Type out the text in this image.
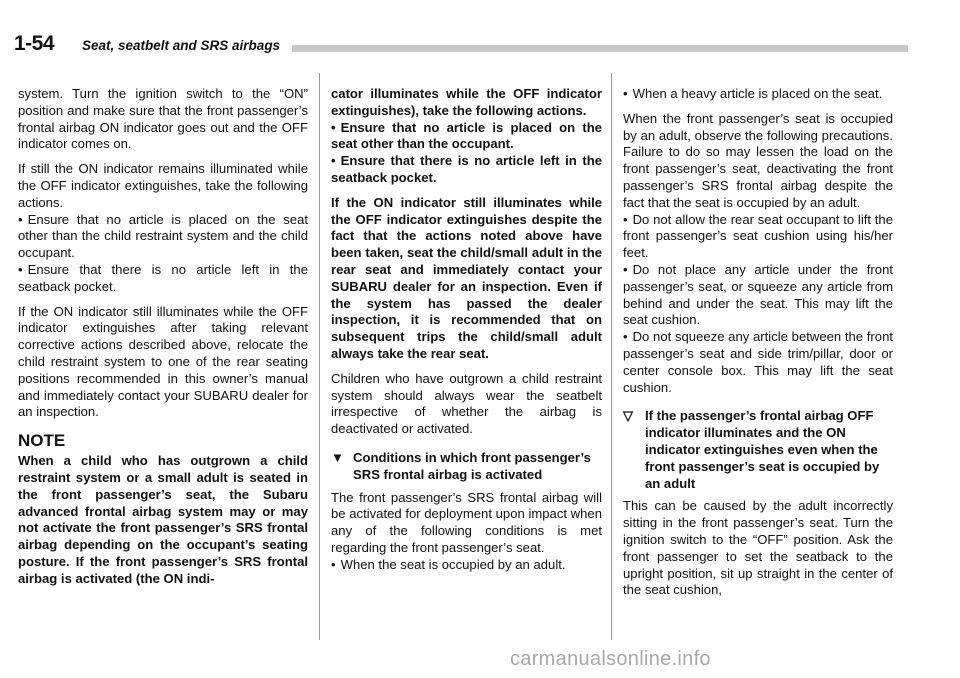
1-54 Seat, seatbelt and SRS airbags

system. Turn the ignition switch to the “ON” position and make sure that the front passenger’s frontal airbag ON indicator goes out and the OFF indicator comes on.

If still the ON indicator remains illuminated while the OFF indicator extinguishes, take the following actions.

• Ensure that no article is placed on the seat other than the child restraint system and the child occupant.
• Ensure that there is no article left in the seatback pocket.

If the ON indicator still illuminates while the OFF indicator extinguishes after taking relevant corrective actions described above, relocate the child restraint system to one of the rear seating positions recommended in this owner’s manual and immediately contact your SUBARU dealer for an inspection.

NOTE
When a child who has outgrown a child restraint system or a small adult is seated in the front passenger’s seat, the Subaru advanced frontal airbag system may or may not activate the front passenger’s SRS frontal airbag depending on the occupant’s seating posture. If the front passenger’s SRS frontal airbag is activated (the ON indi-
cator illuminates while the OFF indicator extinguishes), take the following actions.
• Ensure that no article is placed on the seat other than the occupant.
• Ensure that there is no article left in the seatback pocket.

If the ON indicator still illuminates while the OFF indicator extinguishes despite the fact that the actions noted above have been taken, seat the child/small adult in the rear seat and immediately contact your SUBARU dealer for an inspection. Even if the system has passed the dealer inspection, it is recommended that on subsequent trips the child/small adult always take the rear seat.

Children who have outgrown a child restraint system should always wear the seatbelt irrespective of whether the airbag is deactivated or activated.

▼ Conditions in which front passenger’s SRS frontal airbag is activated

The front passenger’s SRS frontal airbag will be activated for deployment upon impact when any of the following conditions is met regarding the front passenger’s seat.

• When the seat is occupied by an adult.
• When a heavy article is placed on the seat.

When the front passenger’s seat is occupied by an adult, observe the following precautions. Failure to do so may lessen the load on the front passenger’s seat, deactivating the front passenger’s SRS frontal airbag despite the fact that the seat is occupied by an adult.

• Do not allow the rear seat occupant to lift the front passenger’s seat cushion using his/her feet.
• Do not place any article under the front passenger’s seat, or squeeze any article from behind and under the seat. This may lift the seat cushion.
• Do not squeeze any article between the front passenger’s seat and side trim/pillar, door or center console box. This may lift the seat cushion.
▽ If the passenger’s frontal airbag OFF indicator illuminates and the ON indicator extinguishes even when the front passenger’s seat is occupied by an adult

This can be caused by the adult incorrectly sitting in the front passenger’s seat. Turn the ignition switch to the “OFF” position. Ask the front passenger to set the seatback to the upright position, sit up straight in the center of the seat cushion,

carmanualsonline.info
